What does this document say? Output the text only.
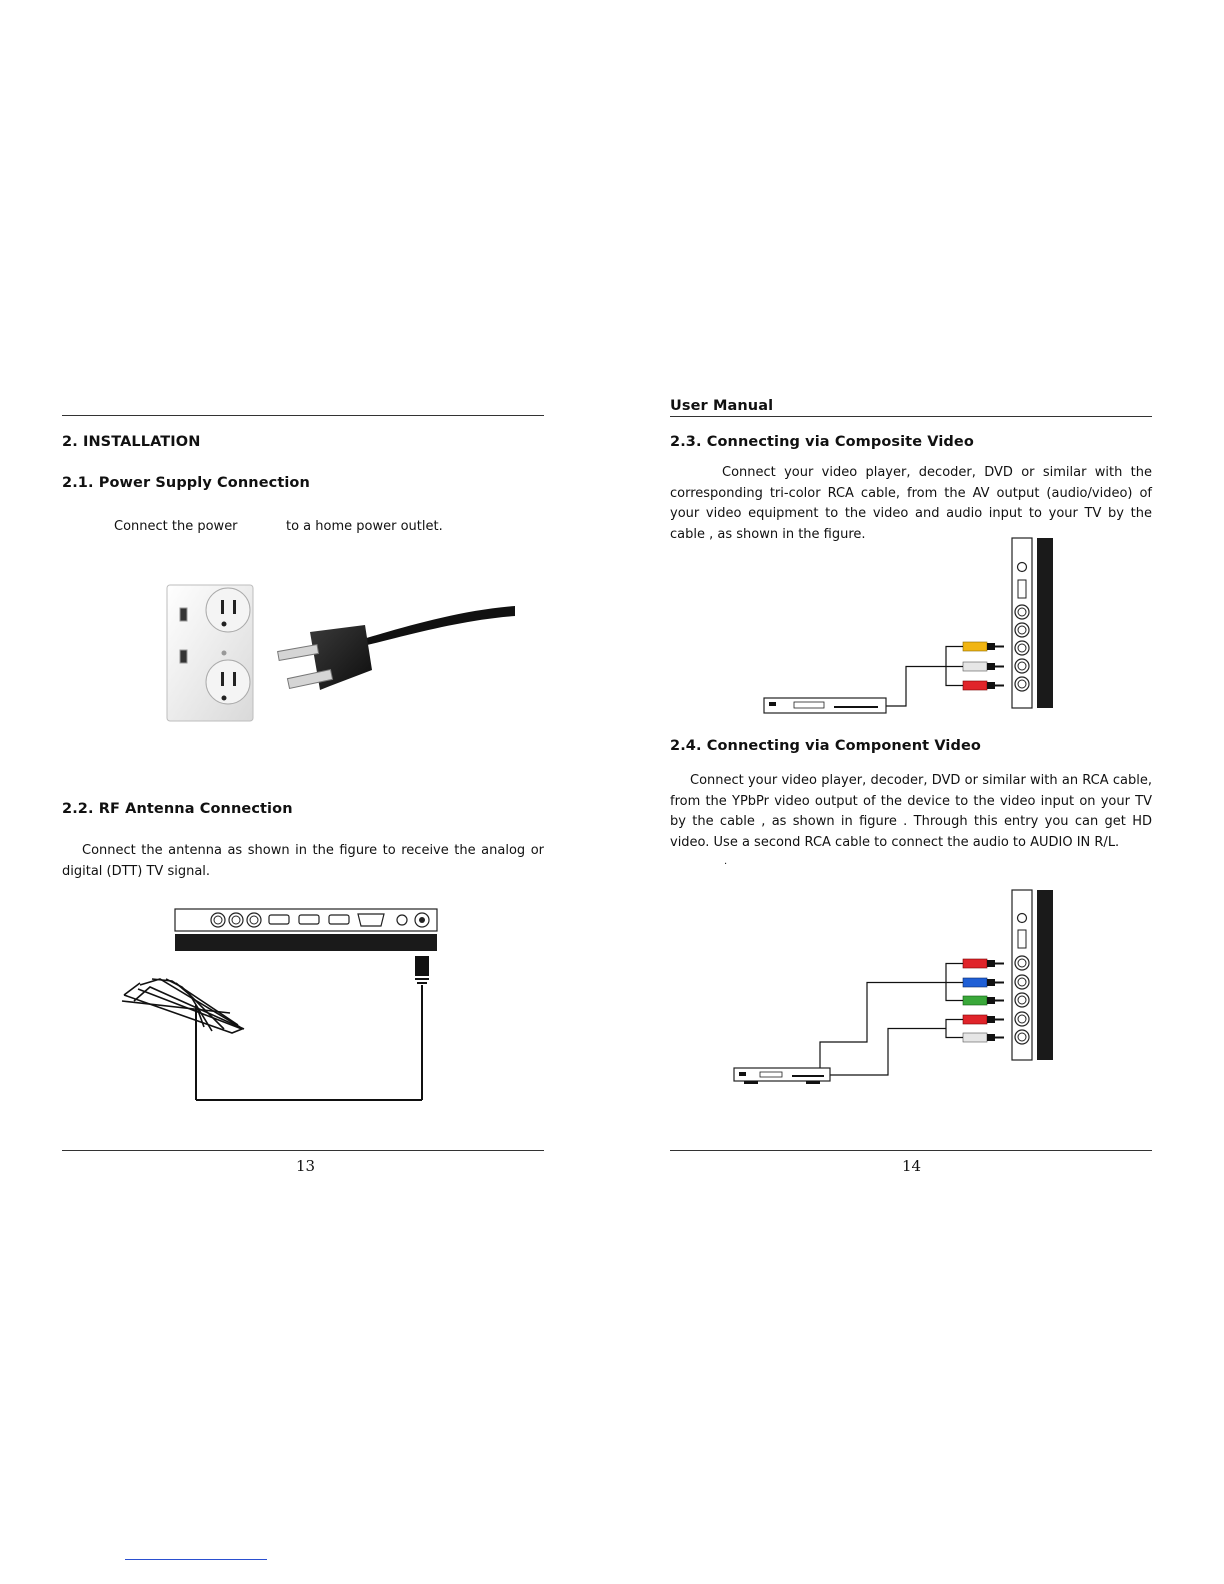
2. INSTALLATION
2.1. Power Supply Connection
Connect the power	to a home power outlet.
2.2. RF Antenna Connection
Connect the antenna as shown in the figure to receive the analog or digital (DTT) TV signal.
13
User Manual
2.3. Connecting via Composite Video
Connect your video player, decoder, DVD or similar with the corresponding tri-color RCA cable, from the AV output (audio/video) of your video equipment to the video and audio input to your TV by the cable , as shown in the figure.
2.4. Connecting via Component Video
Connect your video player, decoder, DVD or similar with an RCA cable, from the YPbPr video output of the device to the video input on your TV by the cable , as shown in figure . Through this entry you can get HD video. Use a second RCA cable to connect the audio to AUDIO IN R/L.
.
14
